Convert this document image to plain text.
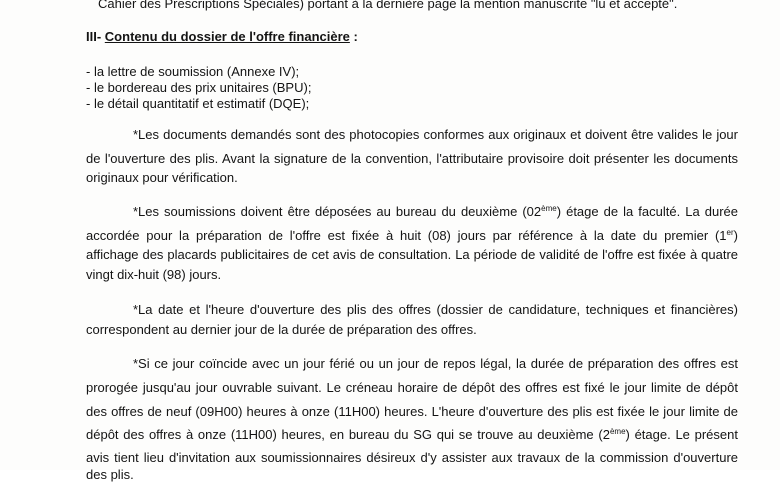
Cahier des Prescriptions Spéciales) portant à la dernière page la mention manuscrite "lu et accepté".
III- Contenu du dossier de l'offre financière :
- la lettre de soumission (Annexe IV);
- le bordereau des prix unitaires (BPU);
- le détail quantitatif et estimatif (DQE);
*Les documents demandés sont des photocopies conformes aux originaux et doivent être valides le jour
de l'ouverture des plis. Avant la signature de la convention, l'attributaire provisoire doit présenter les documents
originaux pour vérification.
*Les soumissions doivent être déposées au bureau du deuxième (02ème) étage de la faculté. La durée
accordée pour la préparation de l'offre est fixée à huit (08) jours par référence à la date du premier (1er)
affichage des placards publicitaires de cet avis de consultation. La période de validité de l'offre est fixée à quatre
vingt dix-huit (98) jours.
*La date et l'heure d'ouverture des plis des offres (dossier de candidature, techniques et financières)
correspondent au dernier jour de la durée de préparation des offres.
*Si ce jour coïncide avec un jour férié ou un jour de repos légal, la durée de préparation des offres est
prorogée jusqu'au jour ouvrable suivant. Le créneau horaire de dépôt des offres est fixé le jour limite de dépôt
des offres de neuf (09H00) heures à onze (11H00) heures. L'heure d'ouverture des plis est fixée le jour limite de
dépôt des offres à onze (11H00) heures, en bureau du SG qui se trouve au deuxième (2ème) étage. Le présent
avis tient lieu d'invitation aux soumissionnaires désireux d'y assister aux travaux de la commission d'ouverture
des plis.
